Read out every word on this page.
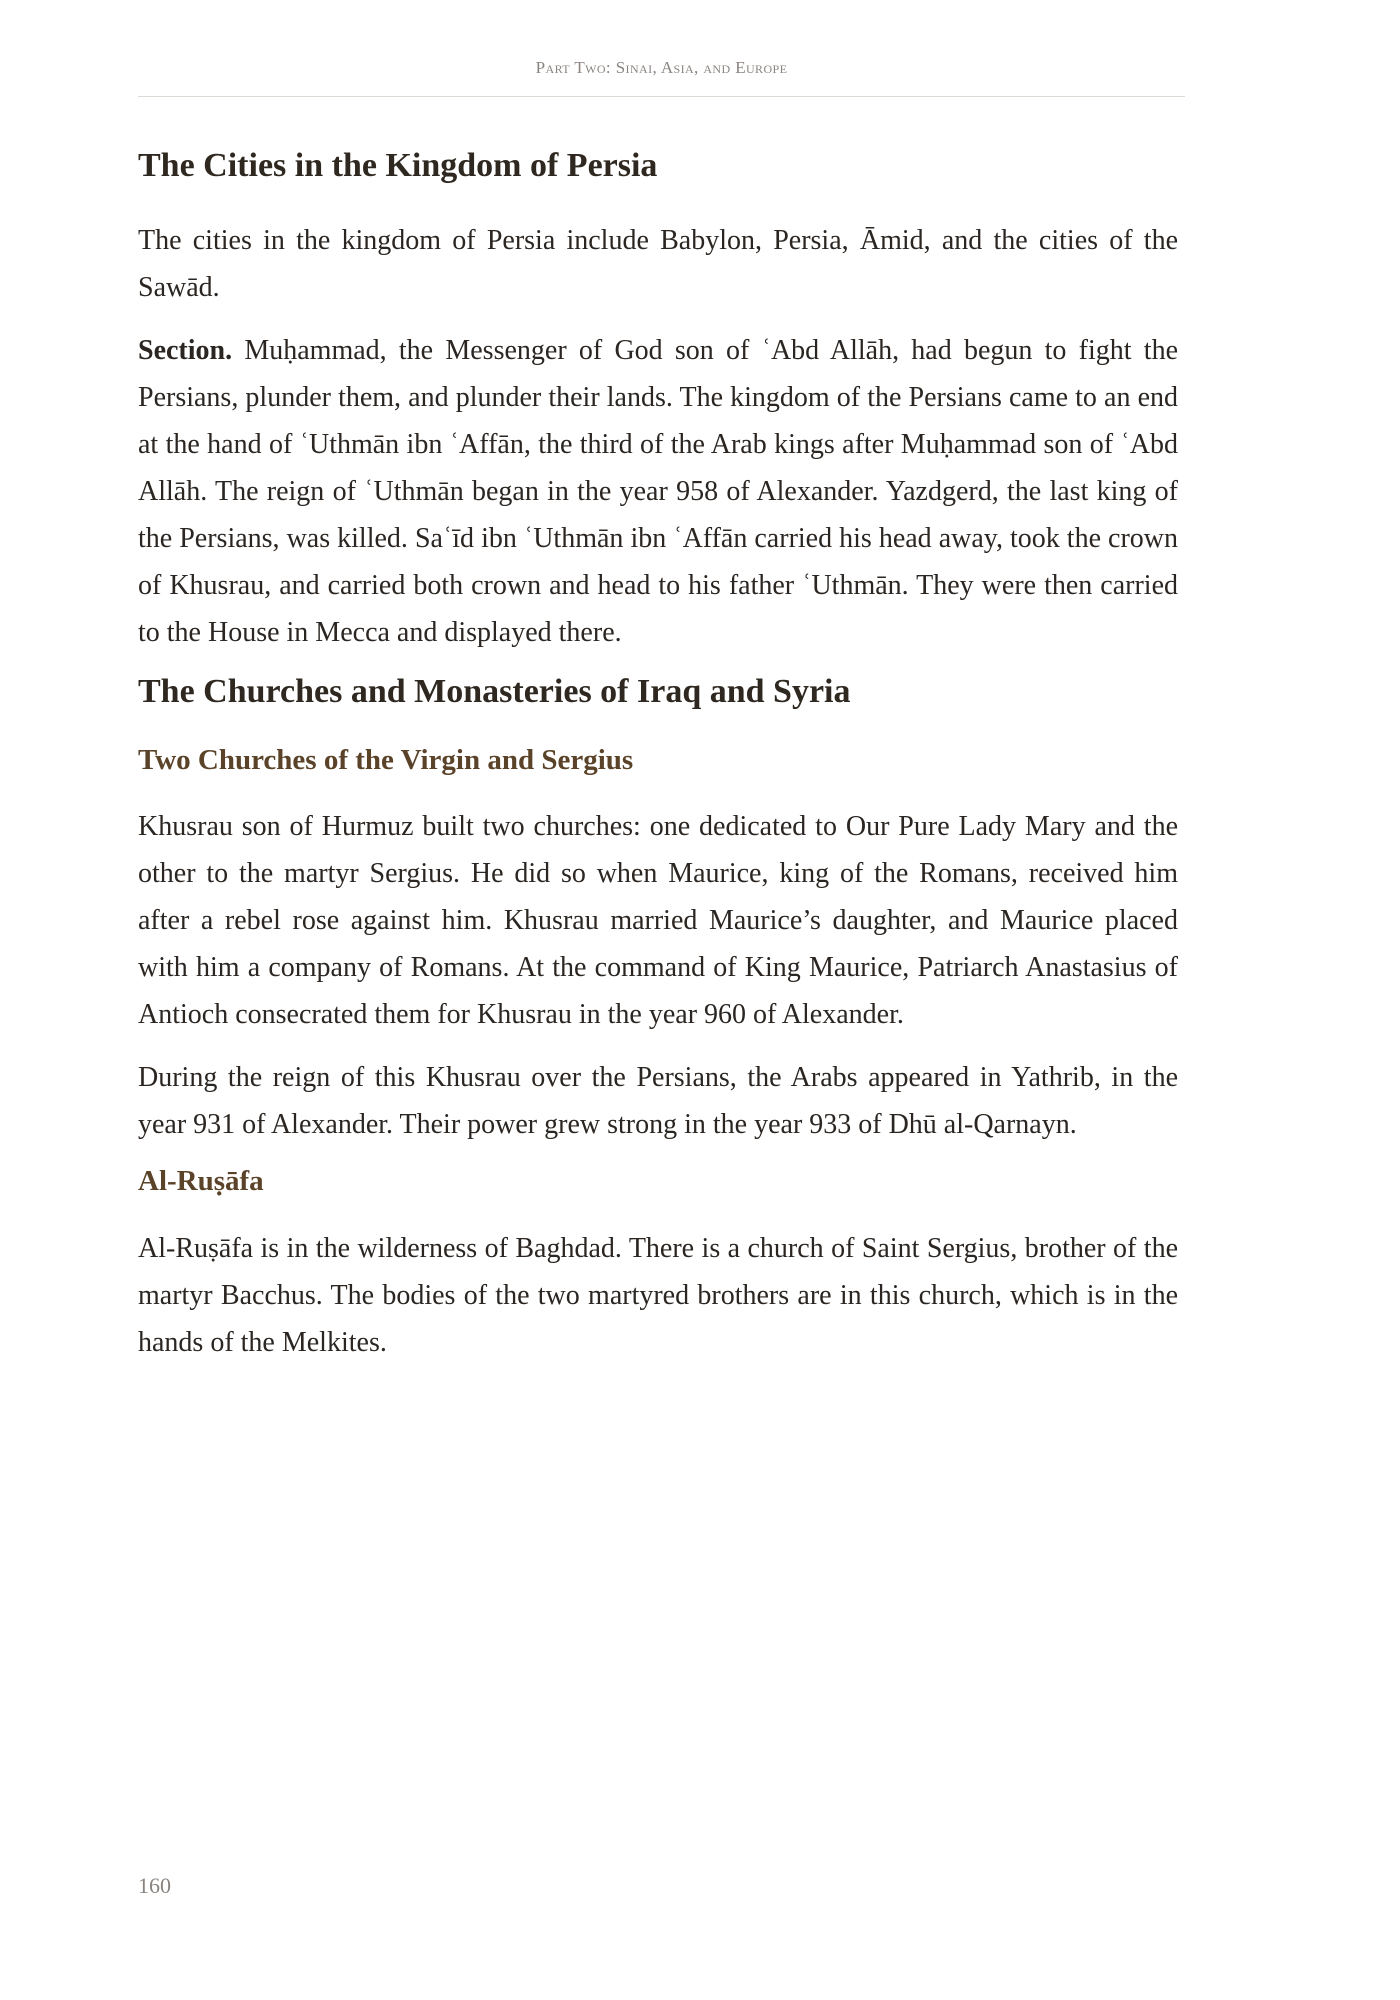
Part Two: Sinai, Asia, and Europe
The Cities in the Kingdom of Persia

The cities in the kingdom of Persia include Babylon, Persia, Āmid, and the cities of the Sawād.

Section. Muḥammad, the Messenger of God son of ʿAbd Allāh, had begun to fight the Persians, plunder them, and plunder their lands. The kingdom of the Persians came to an end at the hand of ʿUthmān ibn ʿAffān, the third of the Arab kings after Muḥammad son of ʿAbd Allāh. The reign of ʿUthmān began in the year 958 of Alexander. Yazdgerd, the last king of the Persians, was killed. Saʿīd ibn ʿUthmān ibn ʿAffān carried his head away, took the crown of Khusrau, and carried both crown and head to his father ʿUthmān. They were then carried to the House in Mecca and displayed there.

The Churches and Monasteries of Iraq and Syria
Two Churches of the Virgin and Sergius

Khusrau son of Hurmuz built two churches: one dedicated to Our Pure Lady Mary and the other to the martyr Sergius. He did so when Maurice, king of the Romans, received him after a rebel rose against him. Khusrau married Maurice’s daughter, and Maurice placed with him a company of Romans. At the command of King Maurice, Patriarch Anastasius of Antioch consecrated them for Khusrau in the year 960 of Alexander.

During the reign of this Khusrau over the Persians, the Arabs appeared in Yathrib, in the year 931 of Alexander. Their power grew strong in the year 933 of Dhū al-Qarnayn.

Al-Ruṣāfa

Al-Ruṣāfa is in the wilderness of Baghdad. There is a church of Saint Sergius, brother of the martyr Bacchus. The bodies of the two martyred brothers are in this church, which is in the hands of the Melkites.

160
